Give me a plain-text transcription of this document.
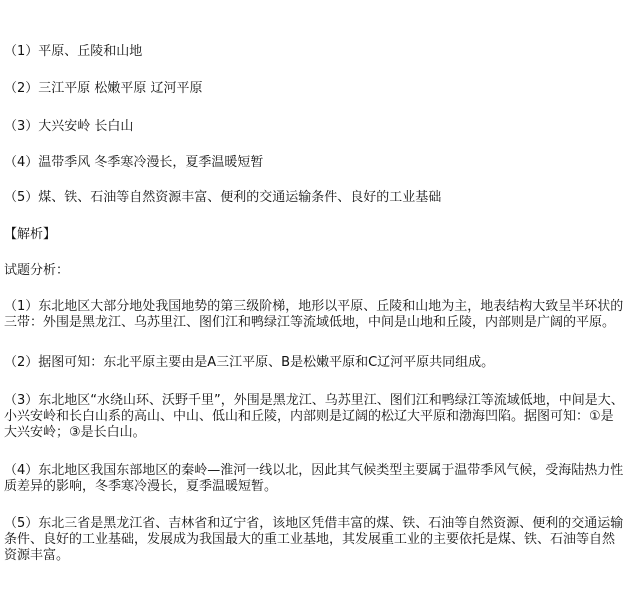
（1）平原、丘陵和山地
（2）三江平原 松嫩平原 辽河平原
（3）大兴安岭 长白山
（4）温带季风 冬季寒冷漫长，夏季温暖短暂
（5）煤、铁、石油等自然资源丰富、便利的交通运输条件、良好的工业基础
【解析】
试题分析：
（1）东北地区大部分地处我国地势的第三级阶梯，地形以平原、丘陵和山地为主，地表结构大致呈半环状的三带：外围是黑龙江、乌苏里江、图们江和鸭绿江等流域低地，中间是山地和丘陵，内部则是广阔的平原。
（2）据图可知：东北平原主要由是A三江平原、B是松嫩平原和C辽河平原共同组成。
（3）东北地区“水绕山环、沃野千里”，外围是黑龙江、乌苏里江、图们江和鸭绿江等流域低地，中间是大、小兴安岭和长白山系的高山、中山、低山和丘陵，内部则是辽阔的松辽大平原和渤海凹陷。据图可知：①是大兴安岭；③是长白山。
（4）东北地区我国东部地区的秦岭—淮河一线以北，因此其气候类型主要属于温带季风气候，受海陆热力性质差异的影响，冬季寒冷漫长，夏季温暖短暂。
（5）东北三省是黑龙江省、吉林省和辽宁省，该地区凭借丰富的煤、铁、石油等自然资源、便利的交通运输条件、良好的工业基础，发展成为我国最大的重工业基地，其发展重工业的主要依托是煤、铁、石油等自然资源丰富。
